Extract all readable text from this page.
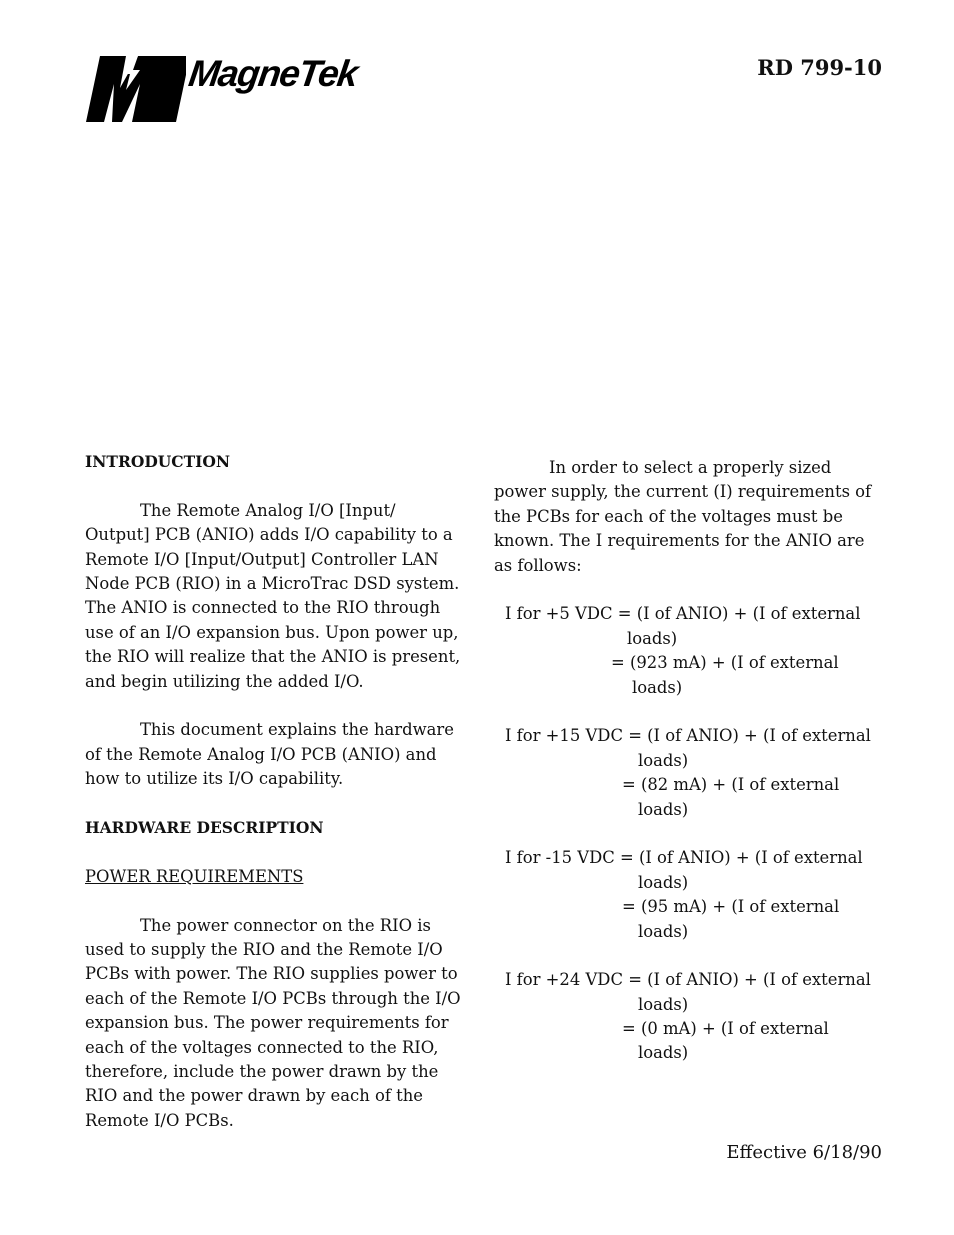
MagneTek	RD 799-10

INTRODUCTION

The Remote Analog I/O [Input/ Output] PCB (ANIO) adds I/O capability to a Remote I/O [Input/Output] Controller LAN Node PCB (RIO) in a MicroTrac DSD system. The ANIO is connected to the RIO through use of an I/O expansion bus. Upon power up, the RIO will realize that the ANIO is present, and begin utilizing the added I/O.

This document explains the hardware of the Remote Analog I/O PCB (ANIO) and how to utilize its I/O capability.

HARDWARE DESCRIPTION

POWER REQUIREMENTS

The power connector on the RIO is used to supply the RIO and the Remote I/O PCBs with power. The RIO supplies power to each of the Remote I/O PCBs through the I/O expansion bus. The power requirements for each of the voltages connected to the RIO, therefore, include the power drawn by the RIO and the power drawn by each of the Remote I/O PCBs.

In order to select a properly sized power supply, the current (I) requirements of the PCBs for each of the voltages must be known. The I requirements for the ANIO are as follows:

I for +5 VDC = (I of ANIO) + (I of external
loads)
= (923 mA) + (I of external
loads)
I for +15 VDC = (I of ANIO) + (I of external
loads)
= (82 mA) + (I of external
loads)
I for -15 VDC = (I of ANIO) + (I of external
loads)
= (95 mA) + (I of external
loads)
I for +24 VDC = (I of ANIO) + (I of external
loads)
= (0 mA) + (I of external
loads)
Effective 6/18/90
